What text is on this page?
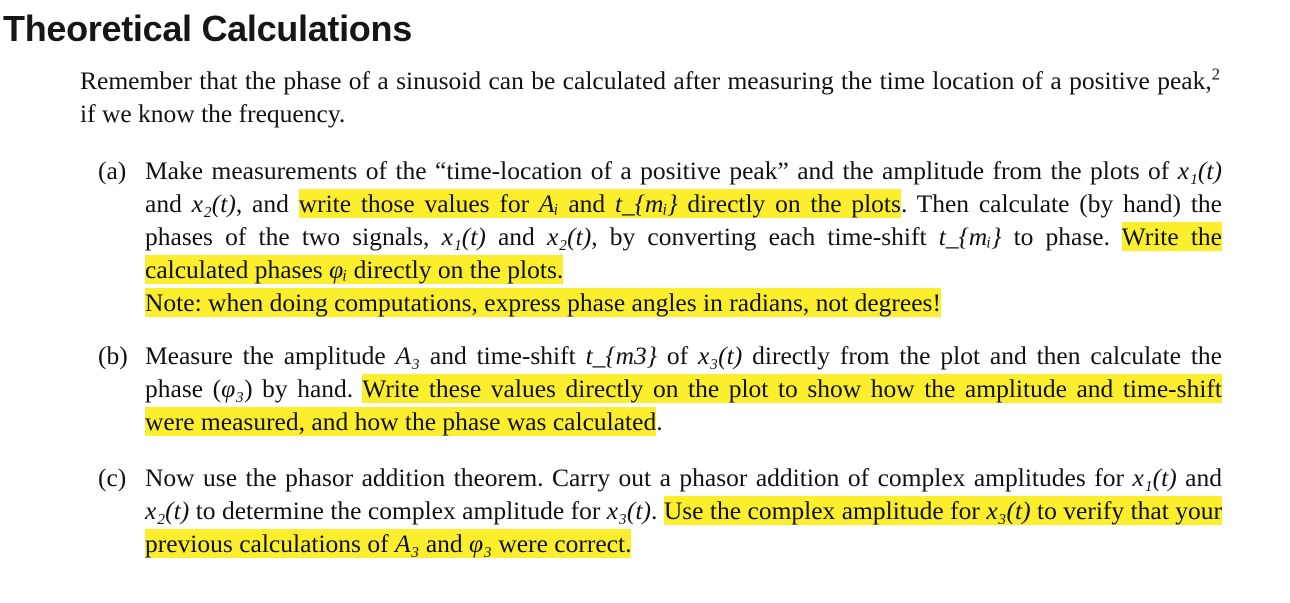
Theoretical Calculations

Remember that the phase of a sinusoid can be calculated after measuring the time location of a positive peak,$^2$ if we know the frequency.

(a) Make measurements of the “time-location of a positive peak” and the amplitude from the plots of x₁(t) and x₂(t), and write those values for Aᵢ and t_{mᵢ} directly on the plots. Then calculate (by hand) the phases of the two signals, x₁(t) and x₂(t), by converting each time-shift t_{mᵢ} to phase. Write the calculated phases φᵢ directly on the plots.
Note: when doing computations, express phase angles in radians, not degrees!
(b) Measure the amplitude A₃ and time-shift t_{m3} of x₃(t) directly from the plot and then calculate the phase (φ₃) by hand. Write these values directly on the plot to show how the amplitude and time-shift were measured, and how the phase was calculated.
(c) Now use the phasor addition theorem. Carry out a phasor addition of complex amplitudes for x₁(t) and x₂(t) to determine the complex amplitude for x₃(t). Use the complex amplitude for x₃(t) to verify that your previous calculations of A₃ and φ₃ were correct.
